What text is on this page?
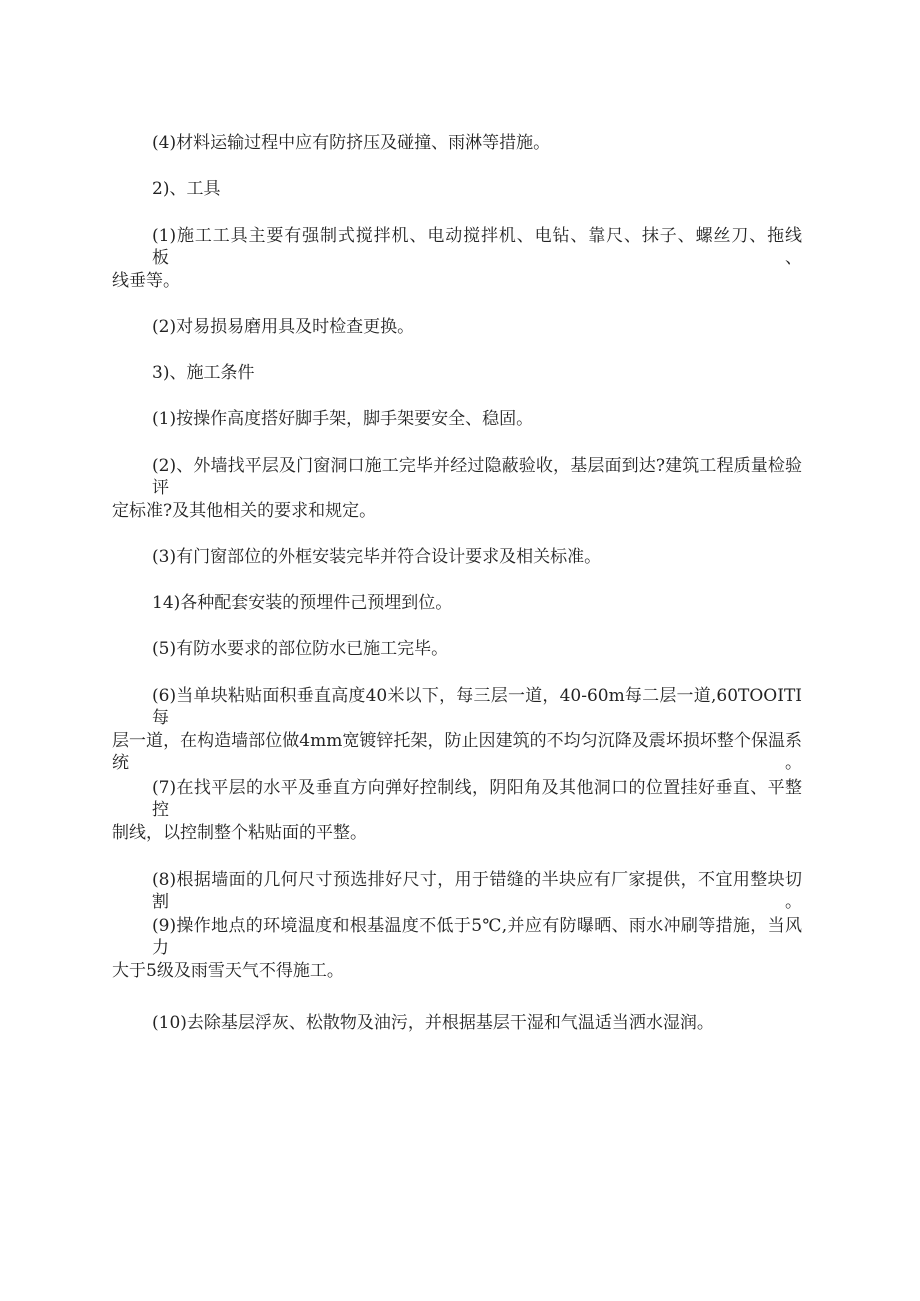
(4)材料运输过程中应有防挤压及碰撞、雨淋等措施。
2)、工具
(1)施工工具主要有强制式搅拌机、电动搅拌机、电钻、靠尺、抹子、螺丝刀、拖线板、
线垂等。
(2)对易损易磨用具及时检查更换。
3)、施工条件
(1)按操作高度搭好脚手架，脚手架要安全、稳固。
(2)、外墙找平层及门窗洞口施工完毕并经过隐蔽验收，基层面到达?建筑工程质量检验评
定标准?及其他相关的要求和规定。
(3)有门窗部位的外框安装完毕并符合设计要求及相关标准。
14)各种配套安装的预埋件己预埋到位。
(5)有防水要求的部位防水已施工完毕。
(6)当单块粘贴面积垂直高度40米以下，每三层一道，40-60m每二层一道,60TOOITI每
层一道，在构造墙部位做4mm宽镀锌托架，防止因建筑的不均匀沉降及震坏损坏整个保温系统。
(7)在找平层的水平及垂直方向弹好控制线，阴阳角及其他洞口的位置挂好垂直、平整控
制线，以控制整个粘贴面的平整。
(8)根据墙面的几何尺寸预选排好尺寸，用于错缝的半块应有厂家提供，不宜用整块切割。
(9)操作地点的环境温度和根基温度不低于5℃,并应有防曝晒、雨水冲刷等措施，当风力
大于5级及雨雪天气不得施工。
(10)去除基层浮灰、松散物及油污，并根据基层干湿和气温适当洒水湿润。
